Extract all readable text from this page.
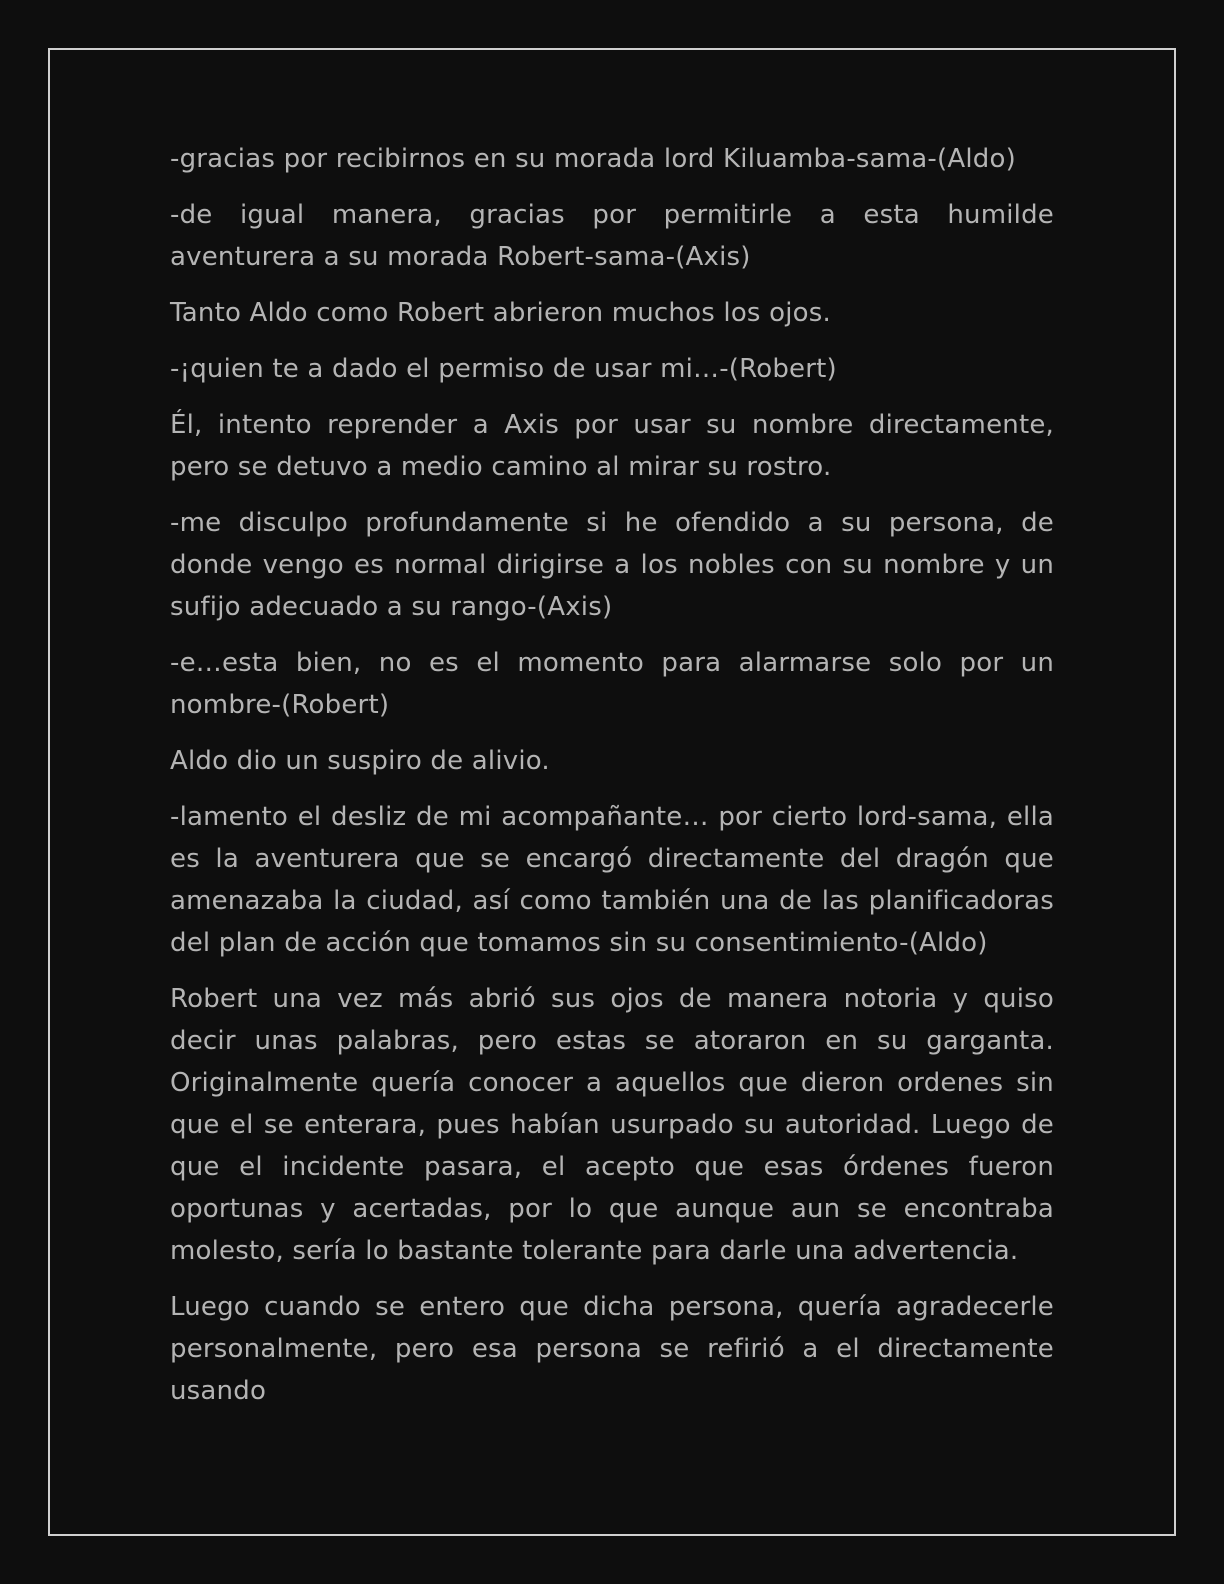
-gracias por recibirnos en su morada lord Kiluamba-sama-(Aldo)

-de igual manera, gracias por permitirle a esta humilde aventurera a su morada Robert-sama-(Axis)

Tanto Aldo como Robert abrieron muchos los ojos.

-¡quien te a dado el permiso de usar mi…-(Robert)

Él, intento reprender a Axis por usar su nombre directamente, pero se detuvo a medio camino al mirar su rostro.

-me disculpo profundamente si he ofendido a su persona, de donde vengo es normal dirigirse a los nobles con su nombre y un sufijo adecuado a su rango-(Axis)

-e…esta bien, no es el momento para alarmarse solo por un nombre-(Robert)

Aldo dio un suspiro de alivio.

-lamento el desliz de mi acompañante… por cierto lord-sama, ella es la aventurera que se encargó directamente del dragón que amenazaba la ciudad, así como también una de las planificadoras del plan de acción que tomamos sin su consentimiento-(Aldo)

Robert una vez más abrió sus ojos de manera notoria y quiso decir unas palabras, pero estas se atoraron en su garganta. Originalmente quería conocer a aquellos que dieron ordenes sin que el se enterara, pues habían usurpado su autoridad. Luego de que el incidente pasara, el acepto que esas órdenes fueron oportunas y acertadas, por lo que aunque aun se encontraba molesto, sería lo bastante tolerante para darle una advertencia.

Luego cuando se entero que dicha persona, quería agradecerle personalmente, pero esa persona se refirió a el directamente usando
